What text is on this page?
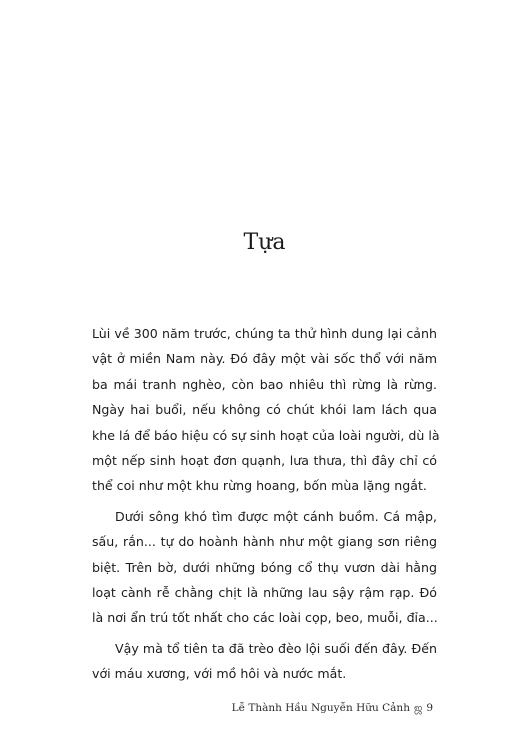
Tựa
Lùi về 300 năm trước, chúng ta thử hình dung lại cảnh
vật ở miền Nam này. Đó đây một vài sốc thổ với năm
ba mái tranh nghèo, còn bao nhiêu thì rừng là rừng.
Ngày hai buổi, nếu không có chút khói lam lách qua
khe lá để báo hiệu có sự sinh hoạt của loài người, dù là
một nếp sinh hoạt đơn quạnh, lưa thưa, thì đây chỉ có
thể coi như một khu rừng hoang, bốn mùa lặng ngắt.
Dưới sông khó tìm được một cánh buồm. Cá mập,
sấu, rắn... tự do hoành hành như một giang sơn riêng
biệt. Trên bờ, dưới những bóng cổ thụ vươn dài hằng
loạt cành rễ chằng chịt là những lau sậy rậm rạp. Đó
là nơi ẩn trú tốt nhất cho các loài cọp, beo, muỗi, đỉa...
Vậy mà tổ tiên ta đã trèo đèo lội suối đến đây. Đến
với máu xương, với mồ hôi và nước mắt.
Lễ Thành Hầu Nguyễn Hữu Cảnh ஜ 9
